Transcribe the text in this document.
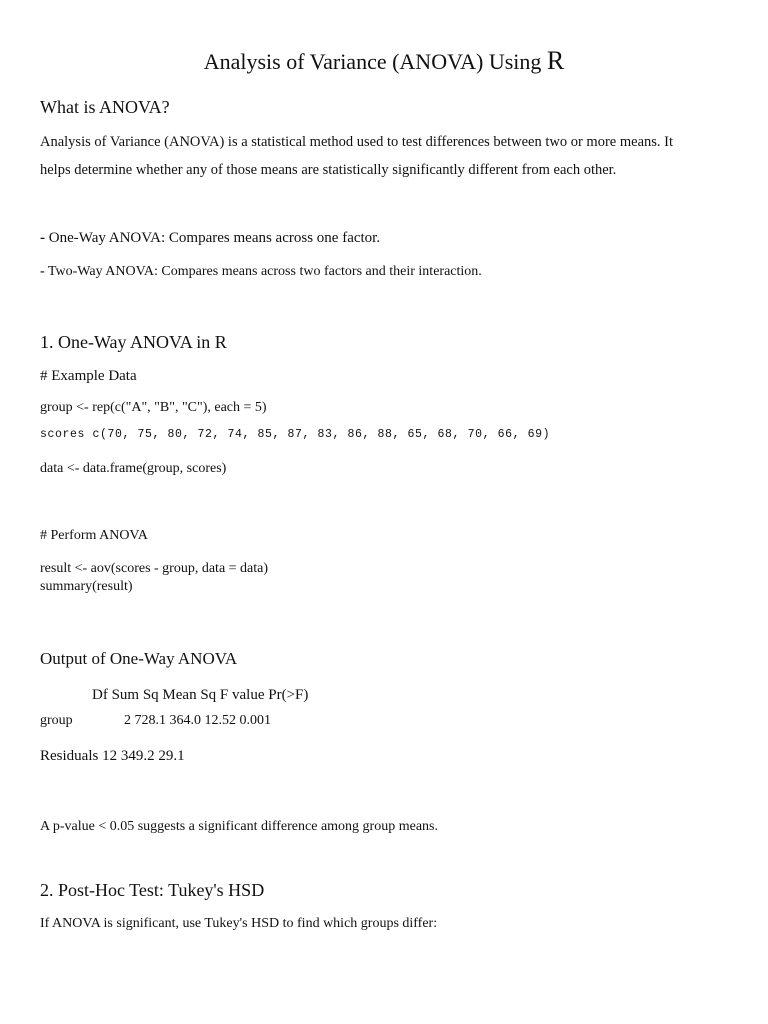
Analysis of Variance (ANOVA) Using R
What is ANOVA?
Analysis of Variance (ANOVA) is a statistical method used to test differences between two or more means. It
helps determine whether any of those means are statistically significantly different from each other.
- One-Way ANOVA: Compares means across one factor.
- Two-Way ANOVA: Compares means across two factors and their interaction.
1. One-Way ANOVA in R
# Example Data
group <- rep(c("A", "B", "C"), each = 5)
scores c(70, 75, 80, 72, 74, 85, 87, 83, 86, 88, 65, 68, 70, 66, 69)
data <- data.frame(group, scores)
# Perform ANOVA
result <- aov(scores - group, data = data)
summary(result)
Output of One-Way ANOVA
Df Sum Sq Mean Sq F value Pr(>F)
group	2 728.1 364.0 12.52 0.001
Residuals 12 349.2 29.1
A p-value < 0.05 suggests a significant difference among group means.
2. Post-Hoc Test: Tukey's HSD
If ANOVA is significant, use Tukey's HSD to find which groups differ:
